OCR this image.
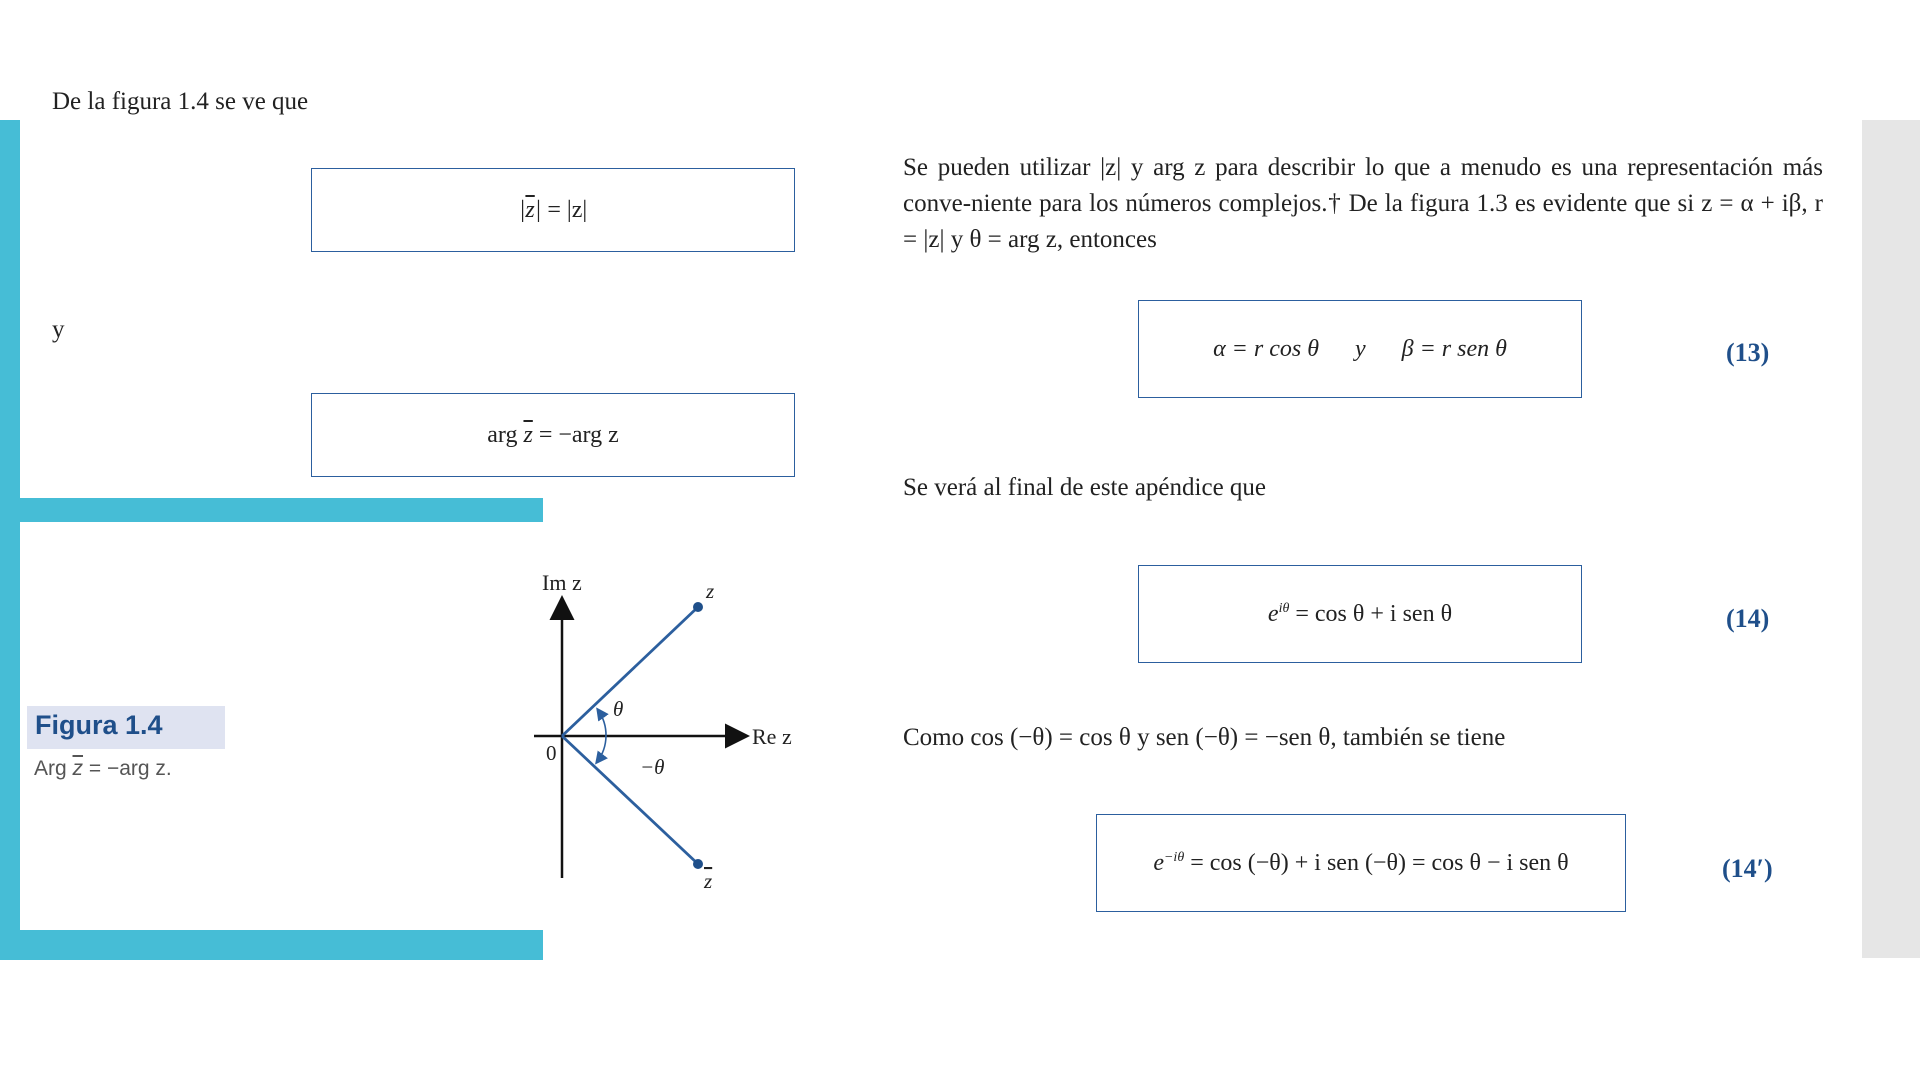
De la figura 1.4 se ve que
$|\overline{z}| = |z|$
y
arg $\overline{z} = -arg$ z
Figura 1.4
Arg $\overline{z} = -arg$ z.
Im z
Re z
z
z
0
θ
−θ
Se pueden utilizar |z| y arg z para describir lo que a menudo es una representación más conve-niente para los números complejos.† De la figura 1.3 es evidente que si z = α + iβ, r = |z| y θ = arg z, entonces
α = r cos θ      y      β = r sen θ	(13)
Se verá al final de este apéndice que
$e^{i\theta} = \cos \theta + i$ sen θ	(14)
Como cos (−θ) = cos θ y sen (−θ) = −sen θ, también se tiene
$e^{-i\theta} = \cos (-\theta) + i$ sen (−θ) = cos θ − i sen θ	(14′)
